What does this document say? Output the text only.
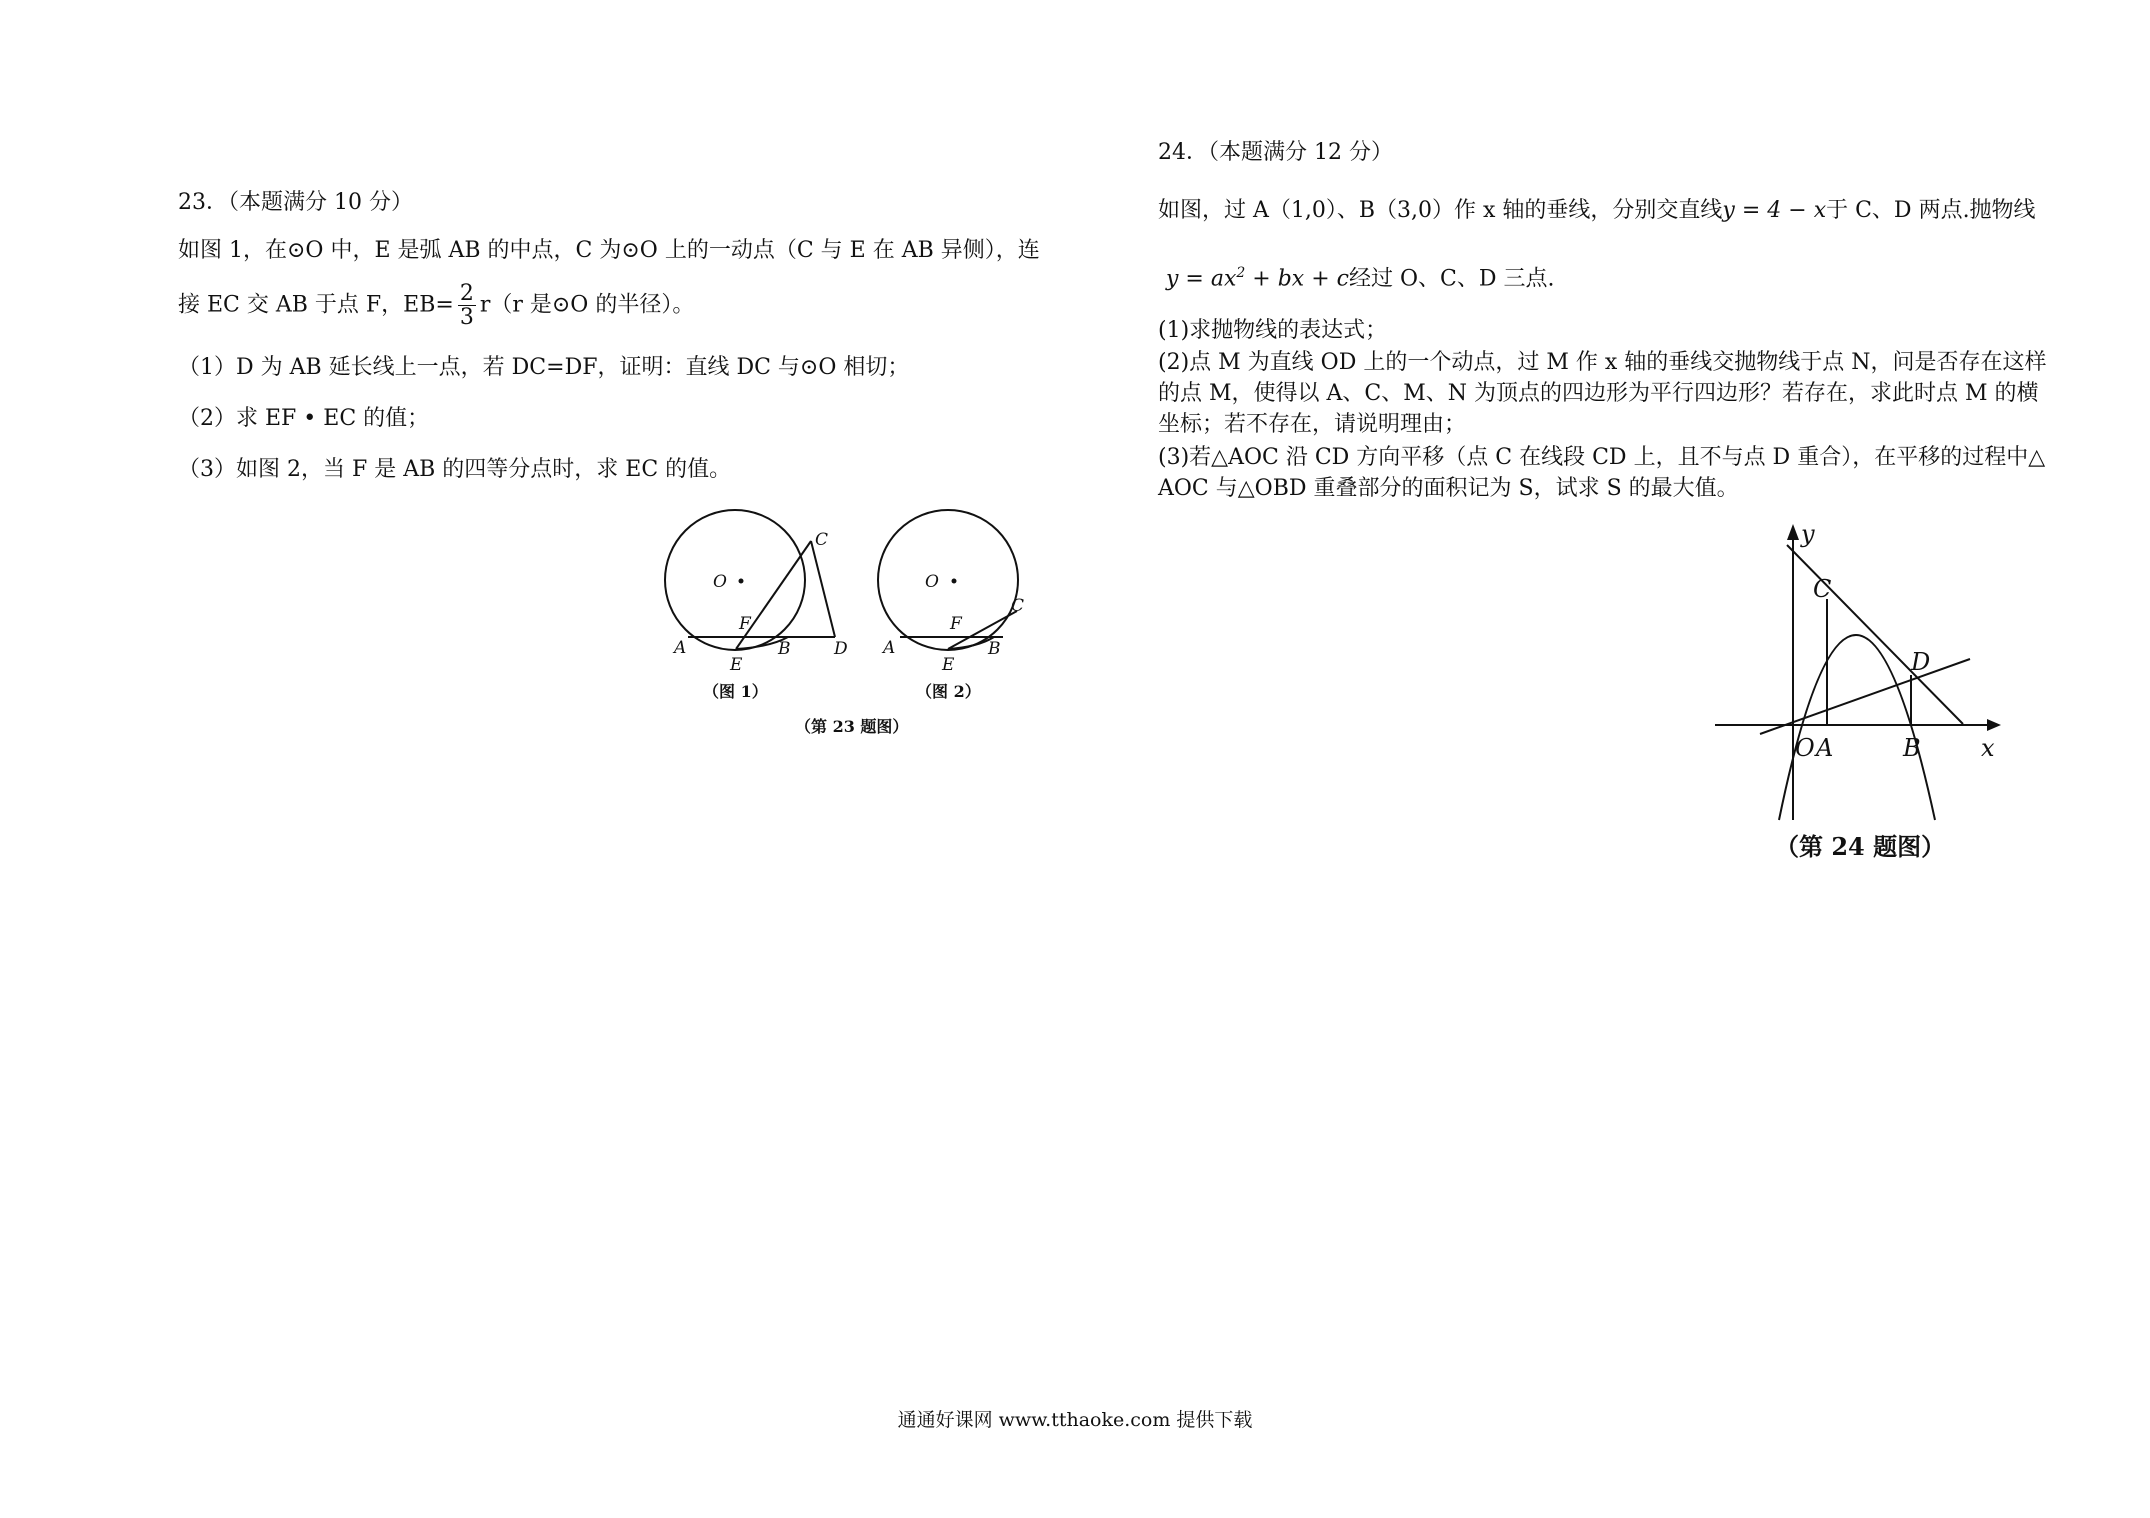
23．（本题满分 10 分）
如图 1，在⊙O 中，E 是弧 AB 的中点，C 为⊙O 上的一动点（C 与 E 在 AB 异侧），连
接 EC 交 AB 于点 F，$EB= \frac{2}{3} r(r$ 是⊙O 的半径）。
（1）D 为 AB 延长线上一点，若 DC=DF，证明：直线 DC 与⊙O 相切；
（2）求 EF • EC 的值；
（3）如图 2，当 F 是 AB 的四等分点时，求 EC 的值。
O
A
C
F
B	D
E
O
A
C
F
B
E
（图 1）	（图 2）
（第 23 题图）
24．（本题满分 12 分）
如图，过 A（1,0）、B（3,0）作 x 轴的垂线，分别交直线y = 4 − x于 C、D 两点.抛物线
$y = ax^2$ + bx + c经过 O、C、D 三点.
(1)求抛物线的表达式；
(2)点 M 为直线 OD 上的一个动点，过 M 作 x 轴的垂线交抛物线于点 N，问是否存在这样
的点 M，使得以 A、C、M、N 为顶点的四边形为平行四边形？若存在，求此时点 M 的横
坐标；若不存在，请说明理由；
(3)若△AOC 沿 CD 方向平移（点 C 在线段 CD 上，且不与点 D 重合），在平移的过程中△
AOC 与△OBD 重叠部分的面积记为 S，试求 S 的最大值。
y
x
C
D
O A	B
（第 24 题图）
通通好课网 www.tthaoke.com 提供下载
